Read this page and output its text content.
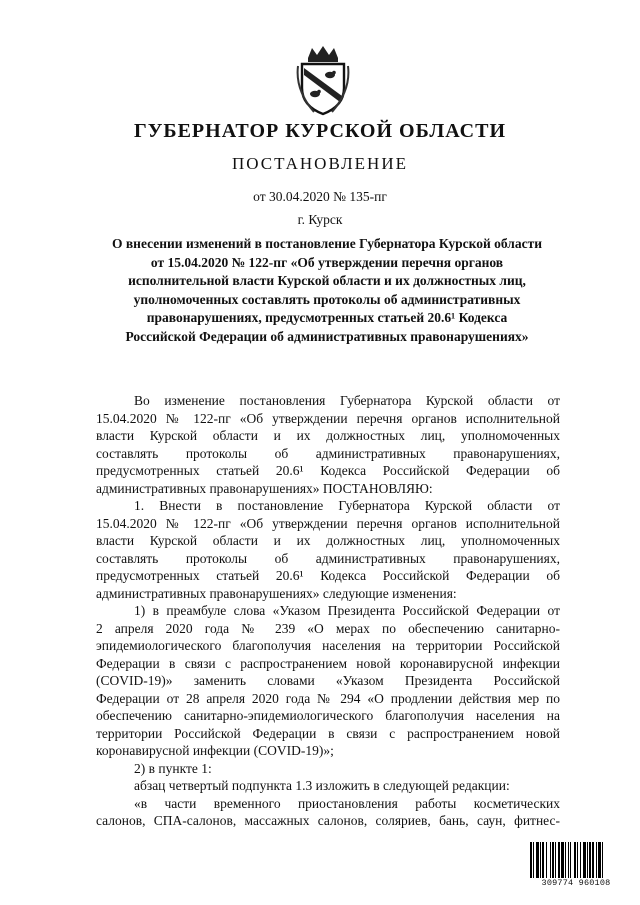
ГУБЕРНАТОР КУРСКОЙ ОБЛАСТИ
ПОСТАНОВЛЕНИЕ
от 30.04.2020 № 135-пг
г. Курск
О внесении изменений в постановление Губернатора Курской области
от 15.04.2020 № 122-пг «Об утверждении перечня органов
исполнительной власти Курской области и их должностных лиц,
уполномоченных составлять протоколы об административных
правонарушениях, предусмотренных статьей 20.6¹ Кодекса
Российской Федерации об административных правонарушениях»
Во изменение постановления Губернатора Курской области от
15.04.2020 № 122-пг «Об утверждении перечня органов исполнительной
власти Курской области и их должностных лиц, уполномоченных
составлять протоколы об административных правонарушениях,
предусмотренных статьей 20.6¹ Кодекса Российской Федерации об
административных правонарушениях» ПОСТАНОВЛЯЮ:
1. Внести в постановление Губернатора Курской области от
15.04.2020 № 122-пг «Об утверждении перечня органов исполнительной
власти Курской области и их должностных лиц, уполномоченных
составлять протоколы об административных правонарушениях,
предусмотренных статьей 20.6¹ Кодекса Российской Федерации об
административных правонарушениях» следующие изменения:
1) в преамбуле слова «Указом Президента Российской Федерации от
2 апреля 2020 года № 239 «О мерах по обеспечению санитарно-
эпидемиологического благополучия населения на территории Российской
Федерации в связи с распространением новой коронавирусной инфекции
(COVID-19)» заменить словами «Указом Президента Российской
Федерации от 28 апреля 2020 года № 294 «О продлении действия мер по
обеспечению санитарно-эпидемиологического благополучия населения на
территории Российской Федерации в связи с распространением новой
коронавирусной инфекции (COVID-19)»;
2) в пункте 1:
абзац четвертый подпункта 1.3 изложить в следующей редакции:
«в части временного приостановления работы косметических
салонов, СПА-салонов, массажных салонов, соляриев, бань, саун, фитнес-
309774 960108
